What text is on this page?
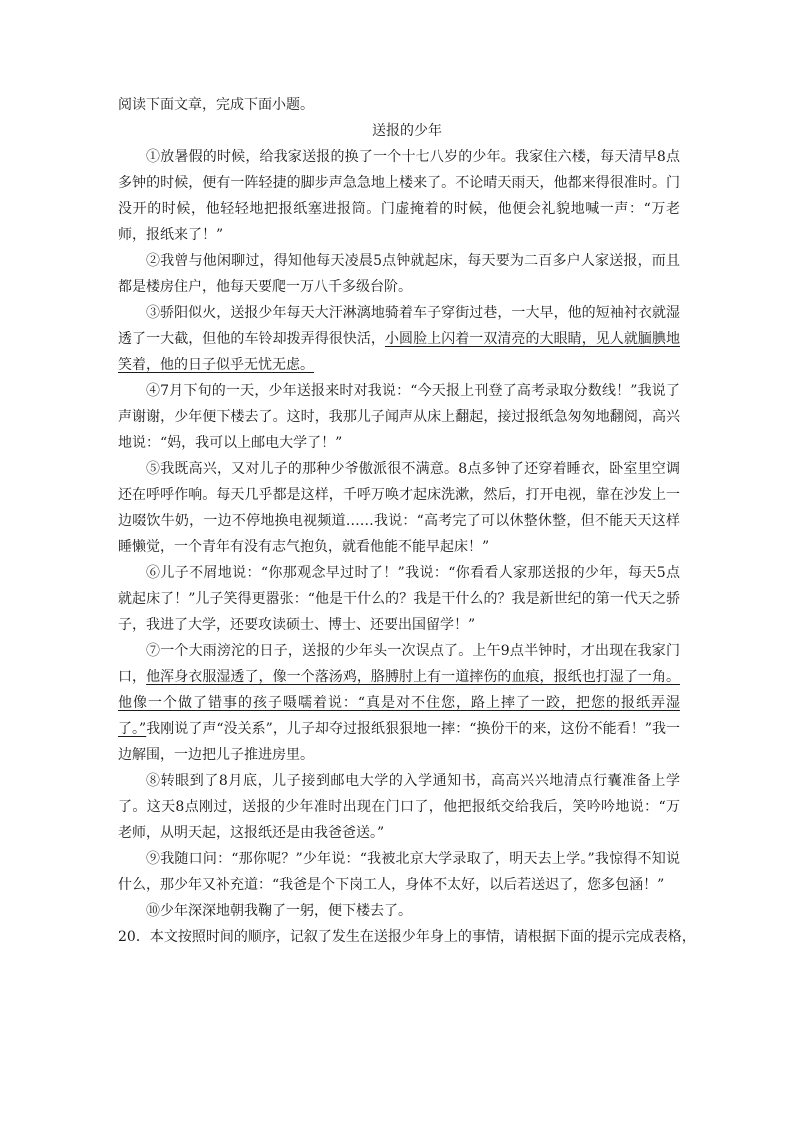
阅读下面文章，完成下面小题。

送报的少年

①放暑假的时候，给我家送报的换了一个十七八岁的少年。我家住六楼，每天清早8点多钟的时候，便有一阵轻捷的脚步声急急地上楼来了。不论晴天雨天，他都来得很准时。门没开的时候，他轻轻地把报纸塞进报筒。门虚掩着的时候，他便会礼貌地喊一声：“万老师，报纸来了！”

②我曾与他闲聊过，得知他每天凌晨5点钟就起床，每天要为二百多户人家送报，而且都是楼房住户，他每天要爬一万八千多级台阶。

③骄阳似火，送报少年每天大汗淋漓地骑着车子穿街过巷，一大早，他的短袖衬衣就湿透了一大截，但他的车铃却拨弄得很快活，小圆脸上闪着一双清亮的大眼睛，见人就腼腆地笑着，他的日子似乎无忧无虑。

④7月下旬的一天，少年送报来时对我说：“今天报上刊登了高考录取分数线！”我说了声谢谢，少年便下楼去了。这时，我那儿子闻声从床上翻起，接过报纸急匆匆地翻阅，高兴地说：“妈，我可以上邮电大学了！”

⑤我既高兴，又对儿子的那种少爷傲派很不满意。8点多钟了还穿着睡衣，卧室里空调还在呼呼作响。每天几乎都是这样，千呼万唤才起床洗漱，然后，打开电视，靠在沙发上一边啜饮牛奶，一边不停地换电视频道……我说：“高考完了可以休整休整，但不能天天这样睡懒觉，一个青年有没有志气抱负，就看他能不能早起床！”

⑥儿子不屑地说：“你那观念早过时了！”我说：“你看看人家那送报的少年，每天5点就起床了！”儿子笑得更嚣张：“他是干什么的？我是干什么的？我是新世纪的第一代天之骄子，我进了大学，还要攻读硕士、博士、还要出国留学！”

⑦一个大雨滂沱的日子，送报的少年头一次误点了。上午9点半钟时，才出现在我家门口，他浑身衣服湿透了，像一个落汤鸡，胳膊肘上有一道摔伤的血痕，报纸也打湿了一角。他像一个做了错事的孩子嗫嚅着说：“真是对不住您，路上摔了一跤，把您的报纸弄湿了。”我刚说了声“没关系”，儿子却夺过报纸狠狠地一摔：“换份干的来，这份不能看！”我一边解围，一边把儿子推进房里。

⑧转眼到了8月底，儿子接到邮电大学的入学通知书，高高兴兴地清点行囊准备上学了。这天8点刚过，送报的少年准时出现在门口了，他把报纸交给我后，笑吟吟地说：“万老师，从明天起，这报纸还是由我爸爸送。”

⑨我随口问：“那你呢？”少年说：“我被北京大学录取了，明天去上学。”我惊得不知说什么，那少年又补充道：“我爸是个下岗工人，身体不太好，以后若送迟了，您多包涵！”

⑩少年深深地朝我鞠了一躬，便下楼去了。

20．本文按照时间的顺序，记叙了发生在送报少年身上的事情，请根据下面的提示完成表格，
